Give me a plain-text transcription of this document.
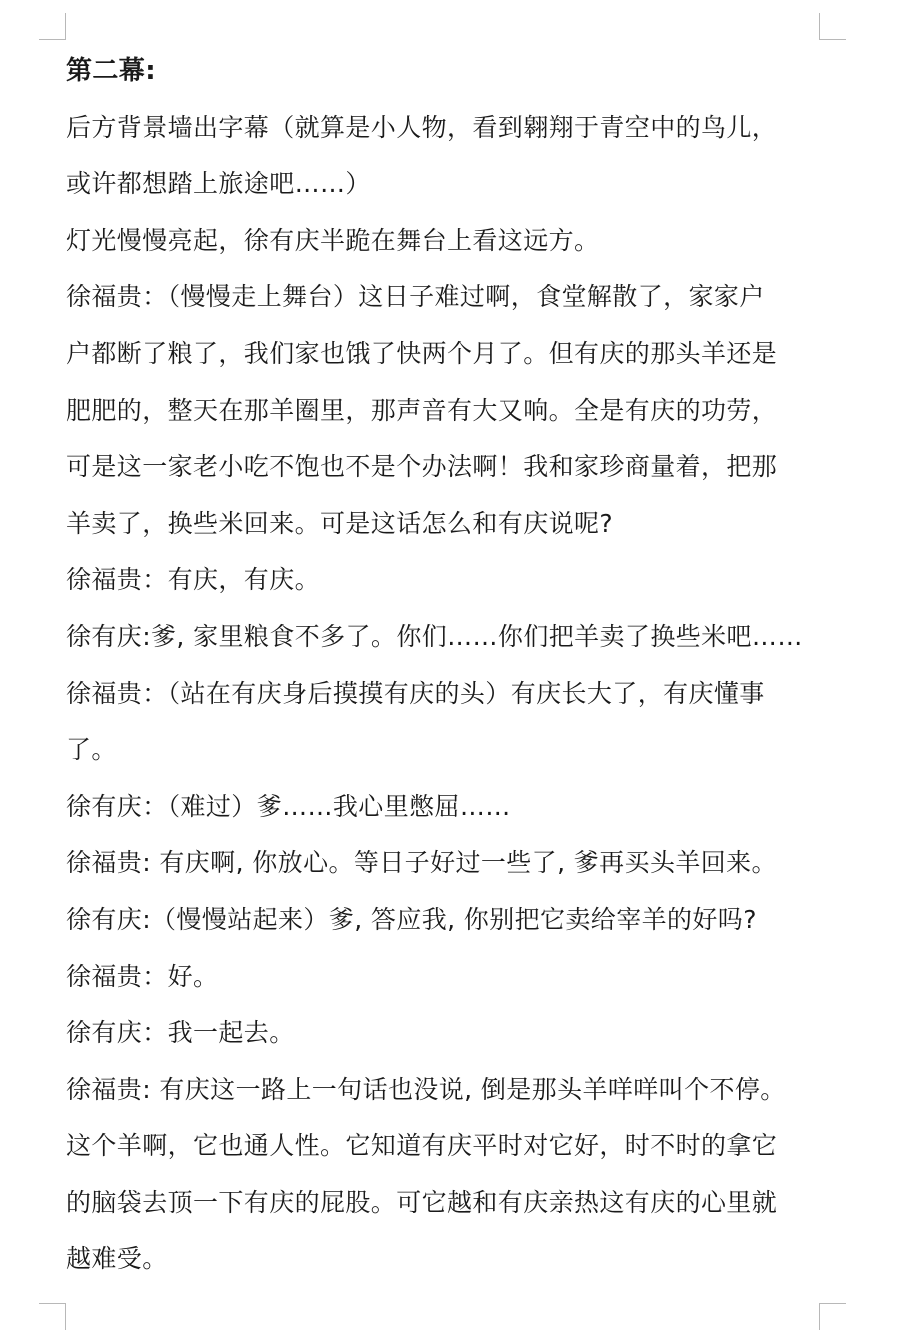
第二幕:
后方背景墙出字幕（就算是小人物，看到翱翔于青空中的鸟儿，
或许都想踏上旅途吧……）
灯光慢慢亮起，徐有庆半跪在舞台上看这远方。
徐福贵：（慢慢走上舞台）这日子难过啊，食堂解散了，家家户
户都断了粮了，我们家也饿了快两个月了。但有庆的那头羊还是
肥肥的，整天在那羊圈里，那声音有大又响。全是有庆的功劳，
可是这一家老小吃不饱也不是个办法啊！我和家珍商量着，把那
羊卖了，换些米回来。可是这话怎么和有庆说呢?
徐福贵：有庆，有庆。
徐有庆:爹, 家里粮食不多了。你们……你们把羊卖了换些米吧……
徐福贵：（站在有庆身后摸摸有庆的头）有庆长大了，有庆懂事
了。
徐有庆：（难过）爹……我心里憋屈……
徐福贵: 有庆啊, 你放心。等日子好过一些了, 爹再买头羊回来。
徐有庆:（慢慢站起来）爹, 答应我, 你别把它卖给宰羊的好吗?
徐福贵：好。
徐有庆：我一起去。
徐福贵: 有庆这一路上一句话也没说, 倒是那头羊咩咩叫个不停。
这个羊啊，它也通人性。它知道有庆平时对它好，时不时的拿它
的脑袋去顶一下有庆的屁股。可它越和有庆亲热这有庆的心里就
越难受。
